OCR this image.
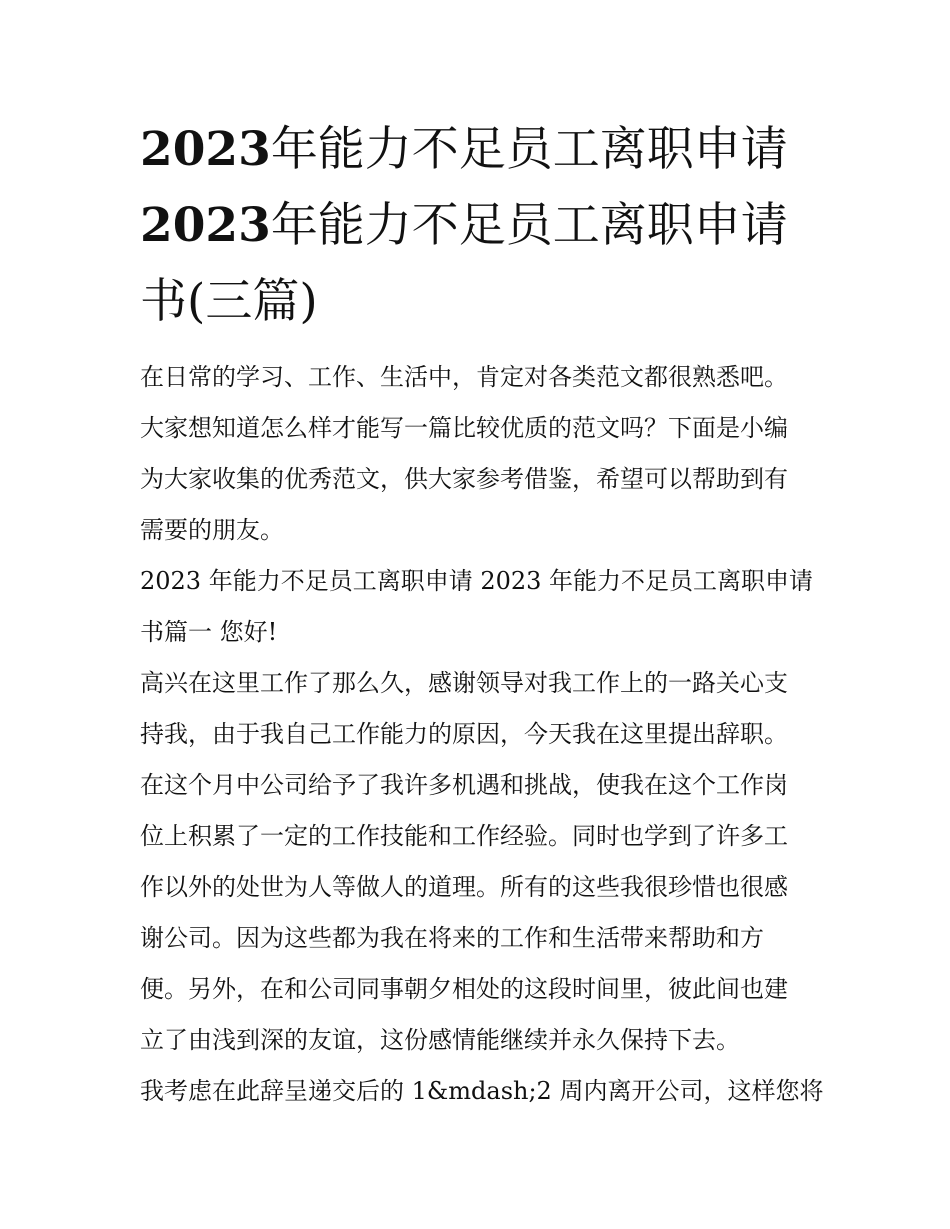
2023年能力不足员工离职申请
2023年能力不足员工离职申请
书(三篇)

在日常的学习、工作、生活中，肯定对各类范文都很熟悉吧。
大家想知道怎么样才能写一篇比较优质的范文吗？下面是小编
为大家收集的优秀范文，供大家参考借鉴，希望可以帮助到有
需要的朋友。

2023 年能力不足员工离职申请 2023 年能力不足员工离职申请
书篇一 您好!

高兴在这里工作了那么久，感谢领导对我工作上的一路关心支
持我，由于我自己工作能力的原因，今天我在这里提出辞职。
在这个月中公司给予了我许多机遇和挑战，使我在这个工作岗
位上积累了一定的工作技能和工作经验。同时也学到了许多工
作以外的处世为人等做人的道理。所有的这些我很珍惜也很感
谢公司。因为这些都为我在将来的工作和生活带来帮助和方
便。另外，在和公司同事朝夕相处的这段时间里，彼此间也建
立了由浅到深的友谊，这份感情能继续并永久保持下去。

我考虑在此辞呈递交后的 1&mdash;2 周内离开公司，这样您将
